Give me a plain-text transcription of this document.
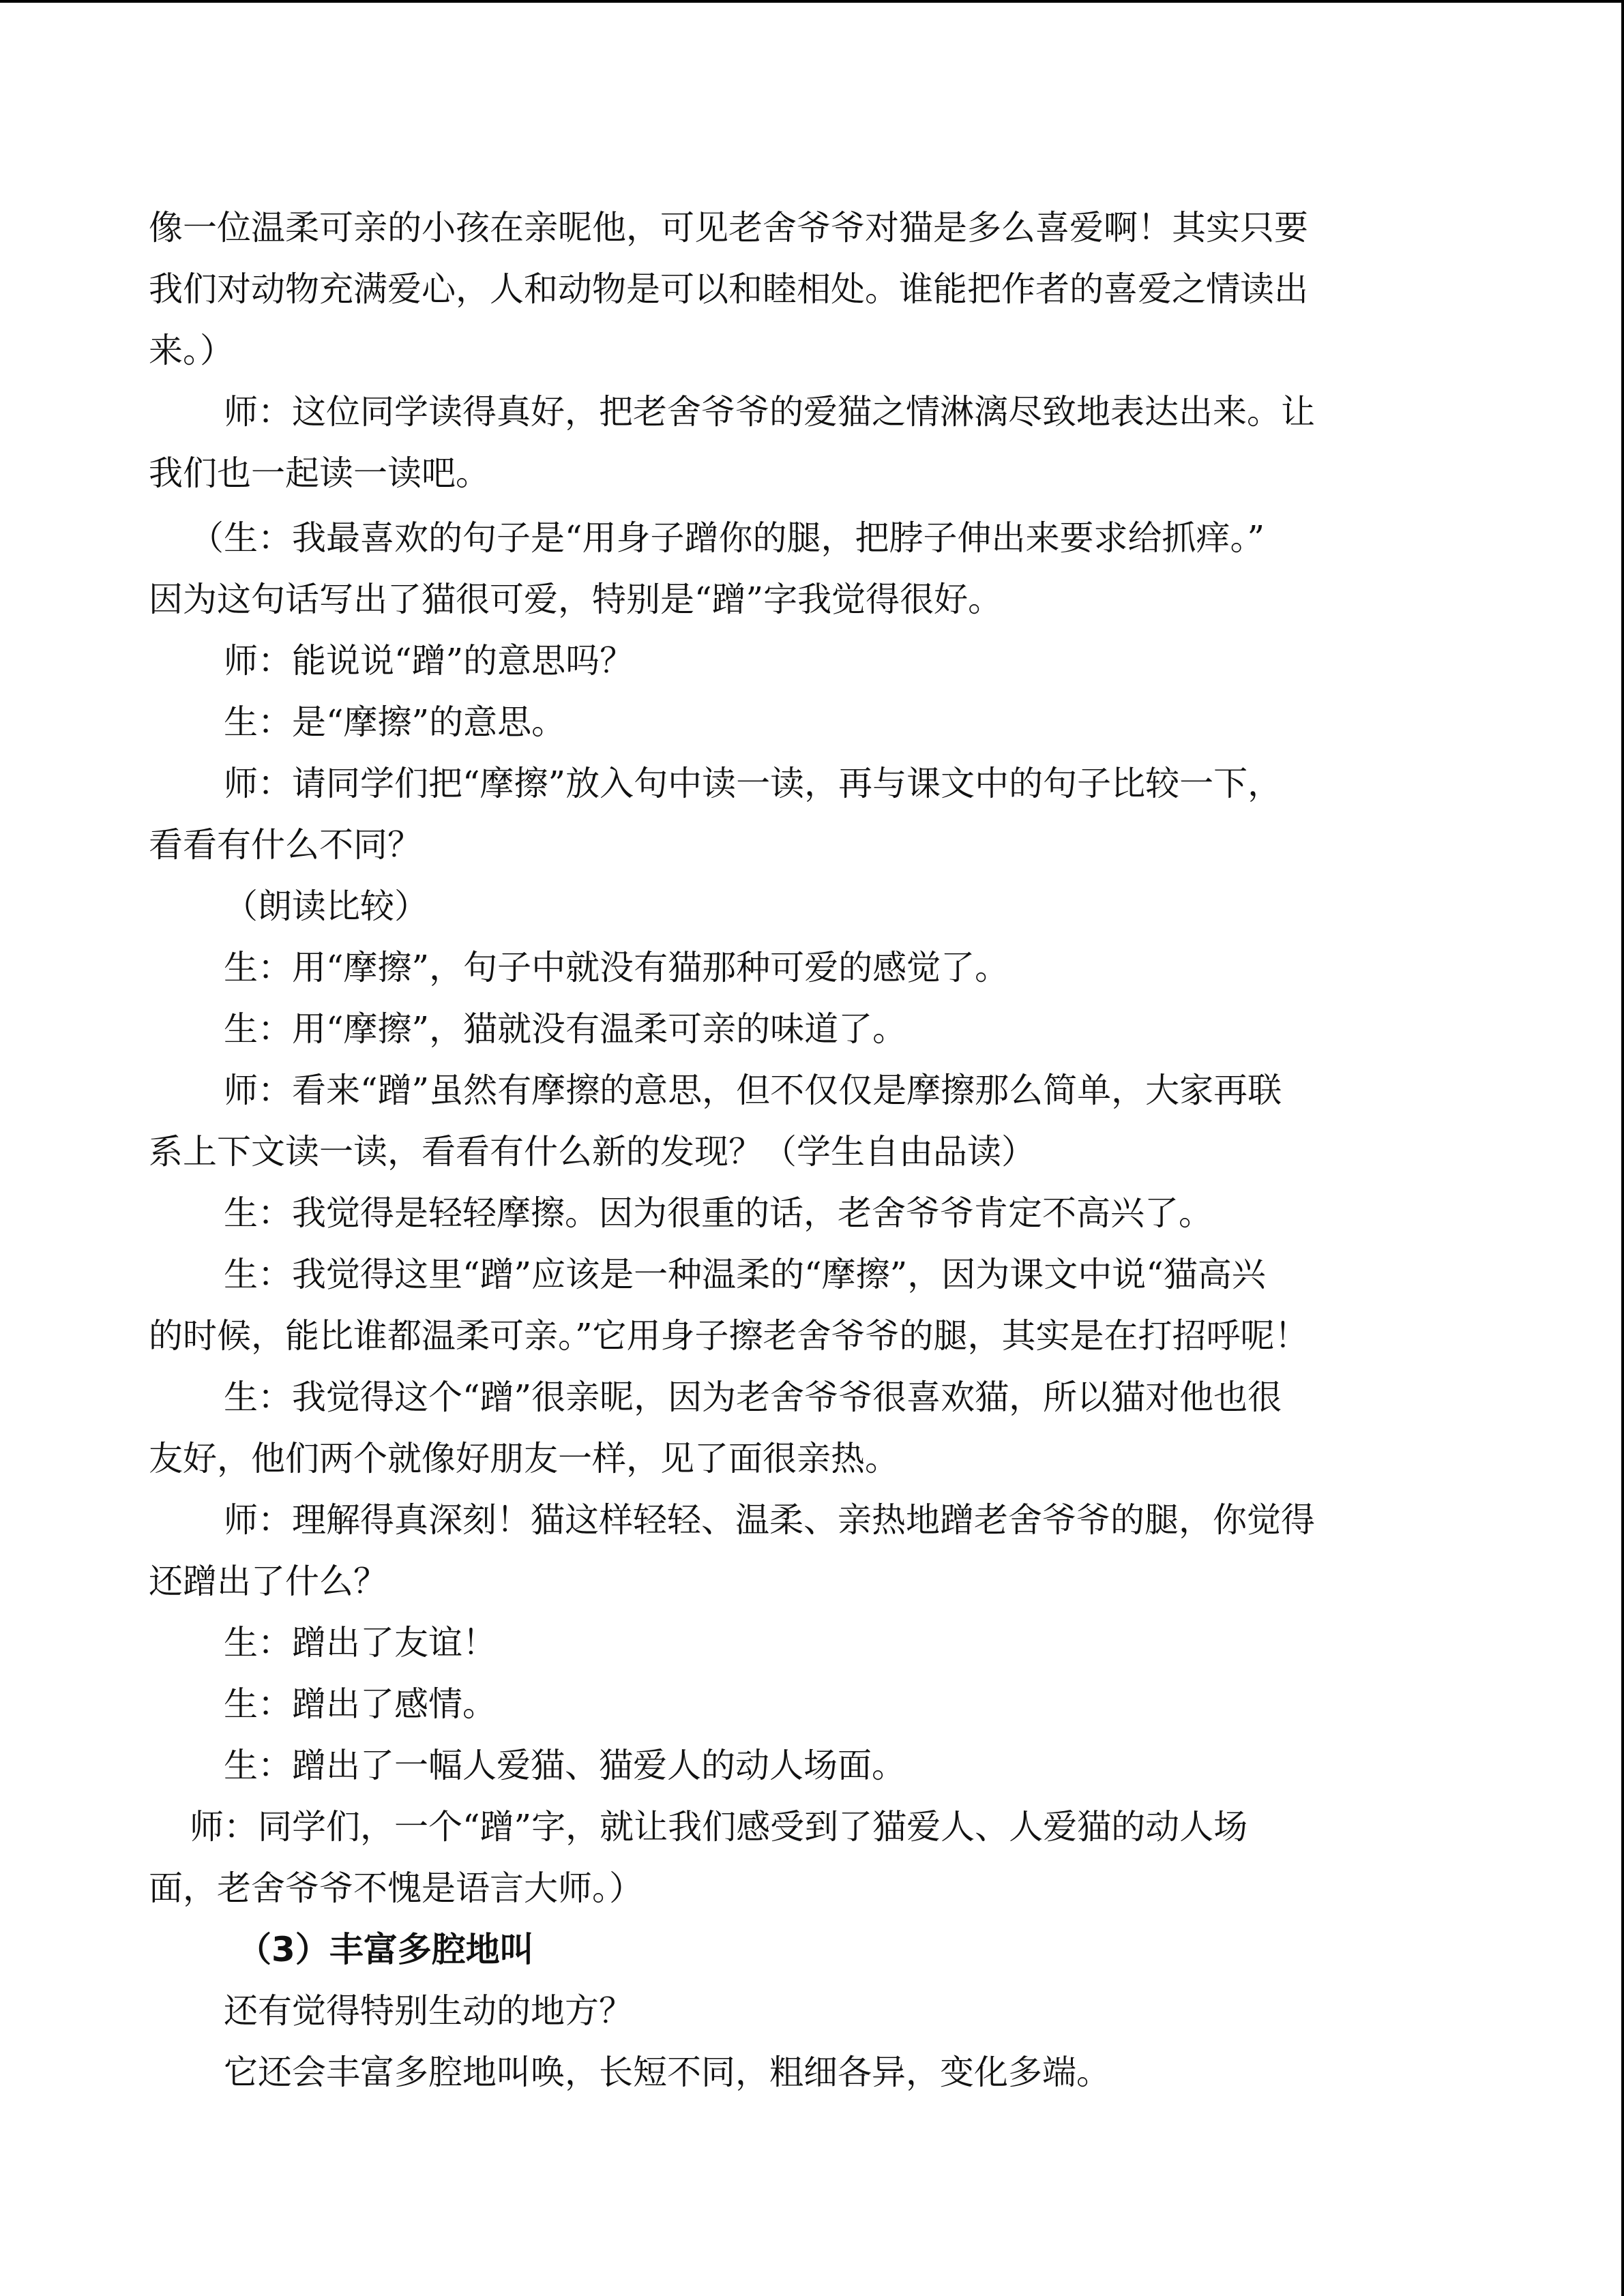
像一位温柔可亲的小孩在亲昵他，可见老舍爷爷对猫是多么喜爱啊！其实只要
我们对动物充满爱心，人和动物是可以和睦相处。谁能把作者的喜爱之情读出
来。）
师：这位同学读得真好，把老舍爷爷的爱猫之情淋漓尽致地表达出来。让
我们也一起读一读吧。
（生：我最喜欢的句子是“用身子蹭你的腿，把脖子伸出来要求给抓痒。”
因为这句话写出了猫很可爱，特别是“蹭”字我觉得很好。
师：能说说“蹭”的意思吗？
生：是“摩擦”的意思。
师：请同学们把“摩擦”放入句中读一读，再与课文中的句子比较一下，
看看有什么不同？
（朗读比较）
生：用“摩擦”，句子中就没有猫那种可爱的感觉了。
生：用“摩擦”，猫就没有温柔可亲的味道了。
师：看来“蹭”虽然有摩擦的意思，但不仅仅是摩擦那么简单，大家再联
系上下文读一读，看看有什么新的发现？（学生自由品读）
生：我觉得是轻轻摩擦。因为很重的话，老舍爷爷肯定不高兴了。
生：我觉得这里“蹭”应该是一种温柔的“摩擦”，因为课文中说“猫高兴
的时候，能比谁都温柔可亲。”它用身子擦老舍爷爷的腿，其实是在打招呼呢！
生：我觉得这个“蹭”很亲昵，因为老舍爷爷很喜欢猫，所以猫对他也很
友好，他们两个就像好朋友一样，见了面很亲热。
师：理解得真深刻！猫这样轻轻、温柔、亲热地蹭老舍爷爷的腿，你觉得
还蹭出了什么？
生：蹭出了友谊！
生：蹭出了感情。
生：蹭出了一幅人爱猫、猫爱人的动人场面。
师：同学们，一个“蹭”字，就让我们感受到了猫爱人、人爱猫的动人场
面，老舍爷爷不愧是语言大师。）
（3）丰富多腔地叫
还有觉得特别生动的地方？
它还会丰富多腔地叫唤，长短不同，粗细各异，变化多端。
